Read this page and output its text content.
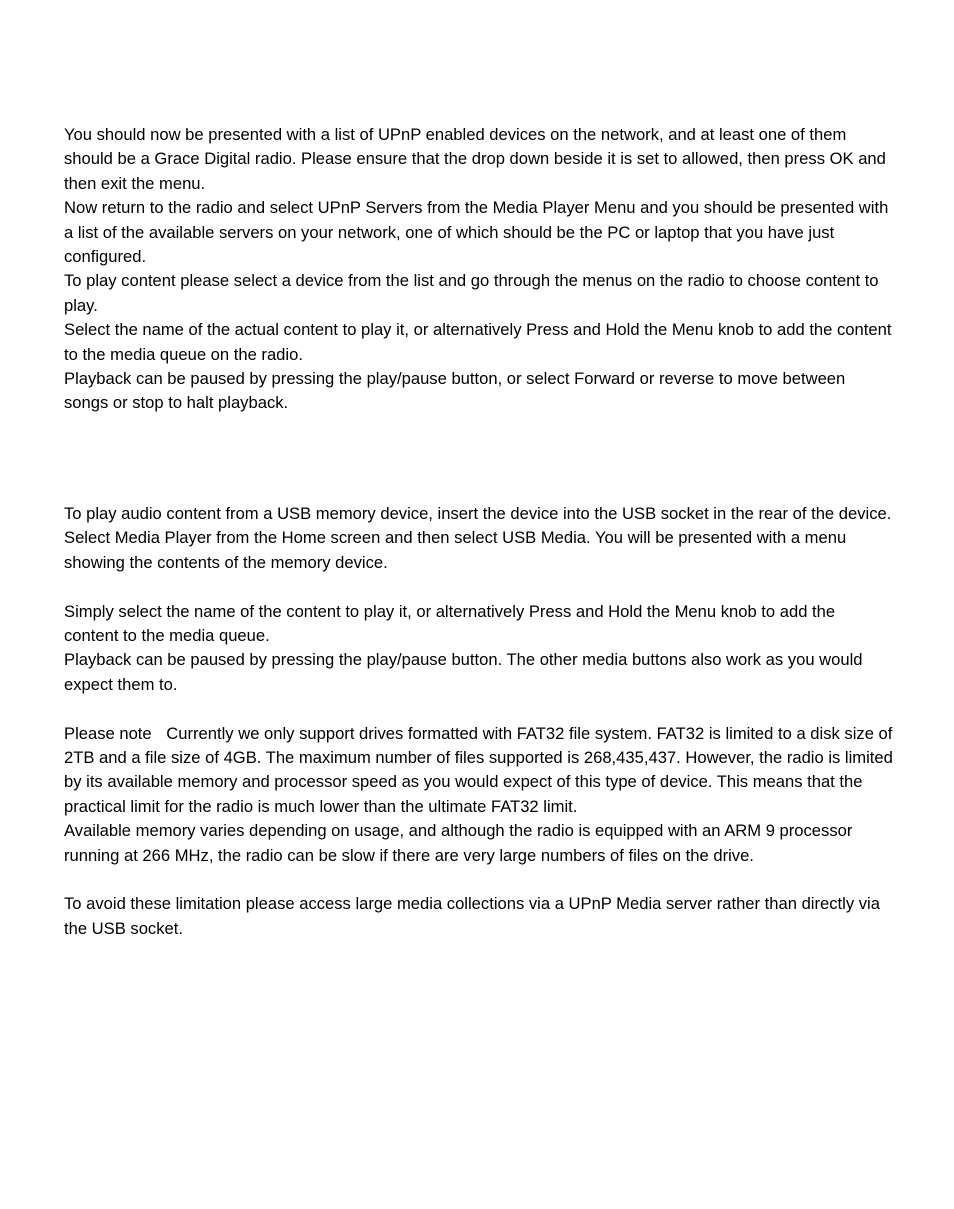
You should now be presented with a list of UPnP enabled devices on the network, and at least one of them should be a Grace Digital radio. Please ensure that the drop down beside it is set to allowed, then press OK and then exit the menu.

Now return to the radio and select UPnP Servers from the Media Player Menu and you should be presented with a list of the available servers on your network, one of which should be the PC or laptop that you have just configured.

To play content please select a device from the list and go through the menus on the radio to choose content to play.

Select the name of the actual content to play it, or alternatively Press and Hold the Menu knob to add the content to the media queue on the radio.

Playback can be paused by pressing the play/pause button, or select Forward or reverse to move between songs or stop to halt playback.

To play audio content from a USB memory device, insert the device into the USB socket in the rear of the device. Select Media Player from the Home screen and then select USB Media. You will be presented with a menu showing the contents of the memory device.

Simply select the name of the content to play it, or alternatively Press and Hold the Menu knob to add the content to the media queue.

Playback can be paused by pressing the play/pause button. The other media buttons also work as you would expect them to.

Please note Currently we only support drives formatted with FAT32 file system. FAT32 is limited to a disk size of 2TB and a file size of 4GB. The maximum number of files supported is 268,435,437. However, the radio is limited by its available memory and processor speed as you would expect of this type of device. This means that the practical limit for the radio is much lower than the ultimate FAT32 limit.

Available memory varies depending on usage, and although the radio is equipped with an ARM 9 processor running at 266 MHz, the radio can be slow if there are very large numbers of files on the drive.

To avoid these limitation please access large media collections via a UPnP Media server rather than directly via the USB socket.
